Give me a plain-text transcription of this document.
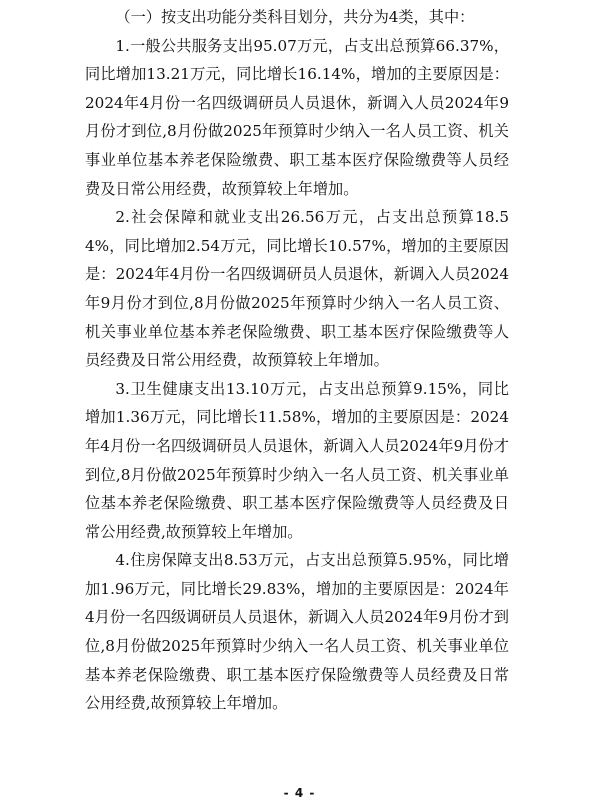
（一）按支出功能分类科目划分，共分为4类，其中：

1.一般公共服务支出95.07万元，占支出总预算66.37%，同比增加13.21万元，同比增长16.14%，增加的主要原因是：2024年4月份一名四级调研员人员退休，新调入人员2024年9月份才到位,8月份做2025年预算时少纳入一名人员工资、机关事业单位基本养老保险缴费、职工基本医疗保险缴费等人员经费及日常公用经费，故预算较上年增加。

2.社会保障和就业支出26.56万元，占支出总预算18.54%，同比增加2.54万元，同比增长10.57%，增加的主要原因是：2024年4月份一名四级调研员人员退休，新调入人员2024年9月份才到位,8月份做2025年预算时少纳入一名人员工资、机关事业单位基本养老保险缴费、职工基本医疗保险缴费等人员经费及日常公用经费，故预算较上年增加。

3.卫生健康支出13.10万元，占支出总预算9.15%，同比增加1.36万元，同比增长11.58%，增加的主要原因是：2024年4月份一名四级调研员人员退休，新调入人员2024年9月份才到位,8月份做2025年预算时少纳入一名人员工资、机关事业单位基本养老保险缴费、职工基本医疗保险缴费等人员经费及日常公用经费,故预算较上年增加。

4.住房保障支出8.53万元，占支出总预算5.95%，同比增加1.96万元，同比增长29.83%，增加的主要原因是：2024年4月份一名四级调研员人员退休，新调入人员2024年9月份才到位,8月份做2025年预算时少纳入一名人员工资、机关事业单位基本养老保险缴费、职工基本医疗保险缴费等人员经费及日常公用经费,故预算较上年增加。

- 4 -
